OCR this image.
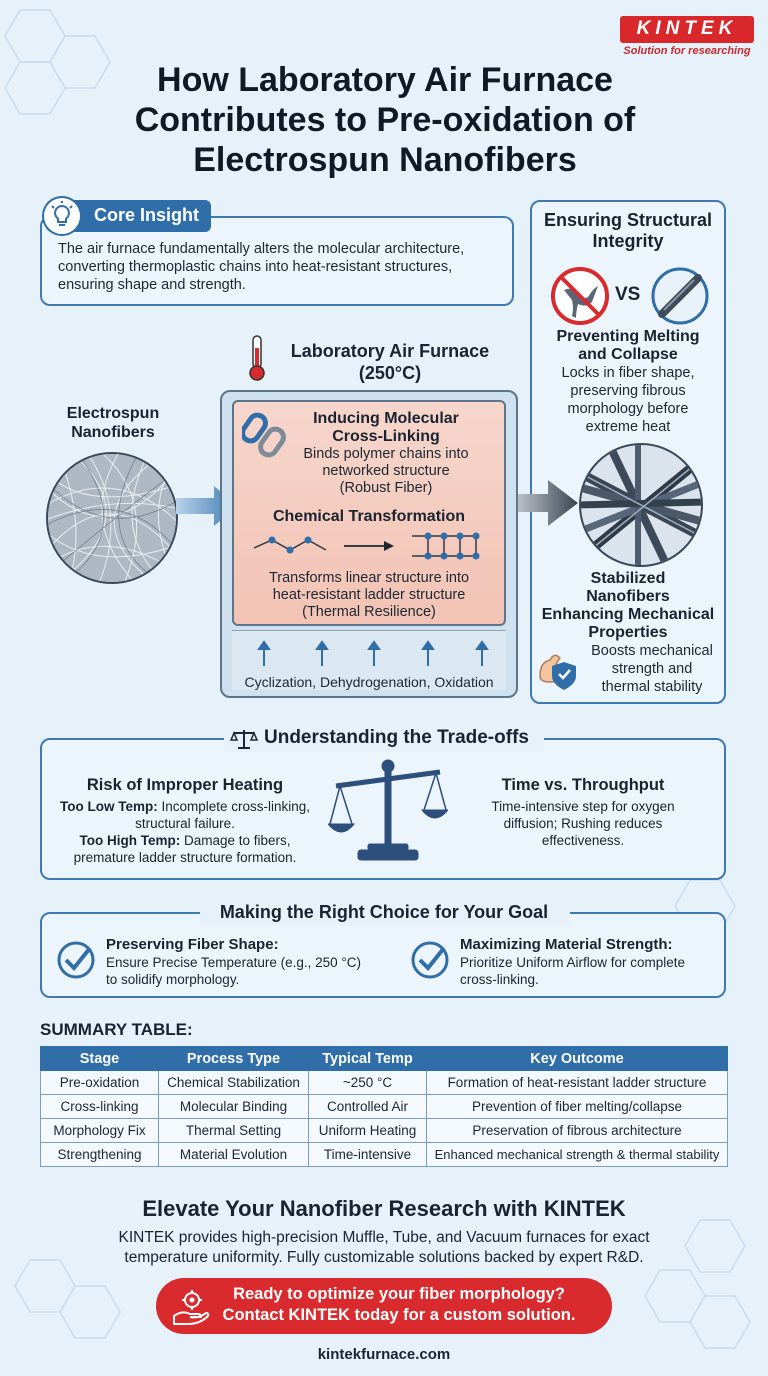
KINTEK
Solution for researching
How Laboratory Air Furnace
Contributes to Pre-oxidation of
Electrospun Nanofibers
Core Insight
The air furnace fundamentally alters the molecular architecture,
converting thermoplastic chains into heat-resistant structures,
ensuring shape and strength.
Ensuring Structural
Integrity
VS
Preventing Melting
and Collapse
Locks in fiber shape,
preserving fibrous
morphology before
extreme heat
Stabilized
Nanofibers
Enhancing Mechanical
Properties
Boosts mechanical
strength and
thermal stability
Electrospun
Nanofibers
Laboratory Air Furnace
(250°C)
Inducing Molecular
Cross-Linking
Binds polymer chains into
networked structure
(Robust Fiber)
Chemical Transformation
Transforms linear structure into
heat-resistant ladder structure
(Thermal Resilience)
Cyclization, Dehydrogenation, Oxidation
Understanding the Trade-offs
Risk of Improper Heating
Too Low Temp: Incomplete cross-linking,
structural failure.
Too High Temp: Damage to fibers,
premature ladder structure formation.
Time vs. Throughput
Time-intensive step for oxygen
diffusion; Rushing reduces
effectiveness.
Making the Right Choice for Your Goal
Preserving Fiber Shape:
Ensure Precise Temperature (e.g., 250 °C)
to solidify morphology.
Maximizing Material Strength:
Prioritize Uniform Airflow for complete
cross-linking.
SUMMARY TABLE:
Stage	Process Type	Typical Temp	Key Outcome
Pre-oxidation	Chemical Stabilization	~250 °C	Formation of heat-resistant ladder structure
Cross-linking	Molecular Binding	Controlled Air	Prevention of fiber melting/collapse
Morphology Fix	Thermal Setting	Uniform Heating	Preservation of fibrous architecture
Strengthening	Material Evolution	Time-intensive	Enhanced mechanical strength & thermal stability
Elevate Your Nanofiber Research with KINTEK
KINTEK provides high-precision Muffle, Tube, and Vacuum furnaces for exact
temperature uniformity. Fully customizable solutions backed by expert R&D.
Ready to optimize your fiber morphology?
Contact KINTEK today for a custom solution.
kintekfurnace.com
